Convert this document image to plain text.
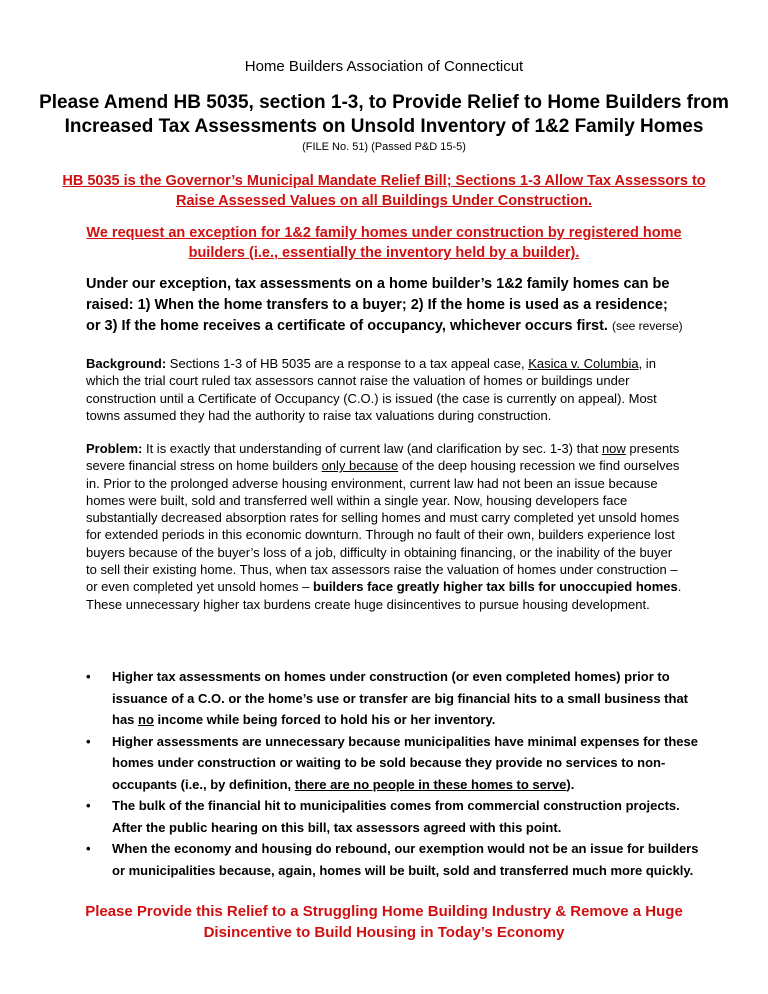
Home Builders Association of Connecticut
Please Amend HB 5035, section 1-3, to Provide Relief to Home Builders from Increased Tax Assessments on Unsold Inventory of 1&2 Family Homes
(FILE No. 51) (Passed P&D 15-5)
HB 5035 is the Governor’s Municipal Mandate Relief Bill; Sections 1-3 Allow Tax Assessors to Raise Assessed Values on all Buildings Under Construction.
We request an exception for 1&2 family homes under construction by registered home builders (i.e., essentially the inventory held by a builder).
Under our exception, tax assessments on a home builder’s 1&2 family homes can be raised: 1) When the home transfers to a buyer; 2) If the home is used as a residence; or 3) If the home receives a certificate of occupancy, whichever occurs first. (see reverse)
Background: Sections 1-3 of HB 5035 are a response to a tax appeal case, Kasica v. Columbia, in which the trial court ruled tax assessors cannot raise the valuation of homes or buildings under construction until a Certificate of Occupancy (C.O.) is issued (the case is currently on appeal). Most towns assumed they had the authority to raise tax valuations during construction.
Problem: It is exactly that understanding of current law (and clarification by sec. 1-3) that now presents severe financial stress on home builders only because of the deep housing recession we find ourselves in. Prior to the prolonged adverse housing environment, current law had not been an issue because homes were built, sold and transferred well within a single year. Now, housing developers face substantially decreased absorption rates for selling homes and must carry completed yet unsold homes for extended periods in this economic downturn. Through no fault of their own, builders experience lost buyers because of the buyer’s loss of a job, difficulty in obtaining financing, or the inability of the buyer to sell their existing home. Thus, when tax assessors raise the valuation of homes under construction – or even completed yet unsold homes – builders face greatly higher tax bills for unoccupied homes. These unnecessary higher tax burdens create huge disincentives to pursue housing development.
• Higher tax assessments on homes under construction (or even completed homes) prior to issuance of a C.O. or the home’s use or transfer are big financial hits to a small business that has no income while being forced to hold his or her inventory.
• Higher assessments are unnecessary because municipalities have minimal expenses for these homes under construction or waiting to be sold because they provide no services to non-occupants (i.e., by definition, there are no people in these homes to serve).
• The bulk of the financial hit to municipalities comes from commercial construction projects. After the public hearing on this bill, tax assessors agreed with this point.
• When the economy and housing do rebound, our exemption would not be an issue for builders or municipalities because, again, homes will be built, sold and transferred much more quickly.
Please Provide this Relief to a Struggling Home Building Industry & Remove a Huge Disincentive to Build Housing in Today’s Economy
